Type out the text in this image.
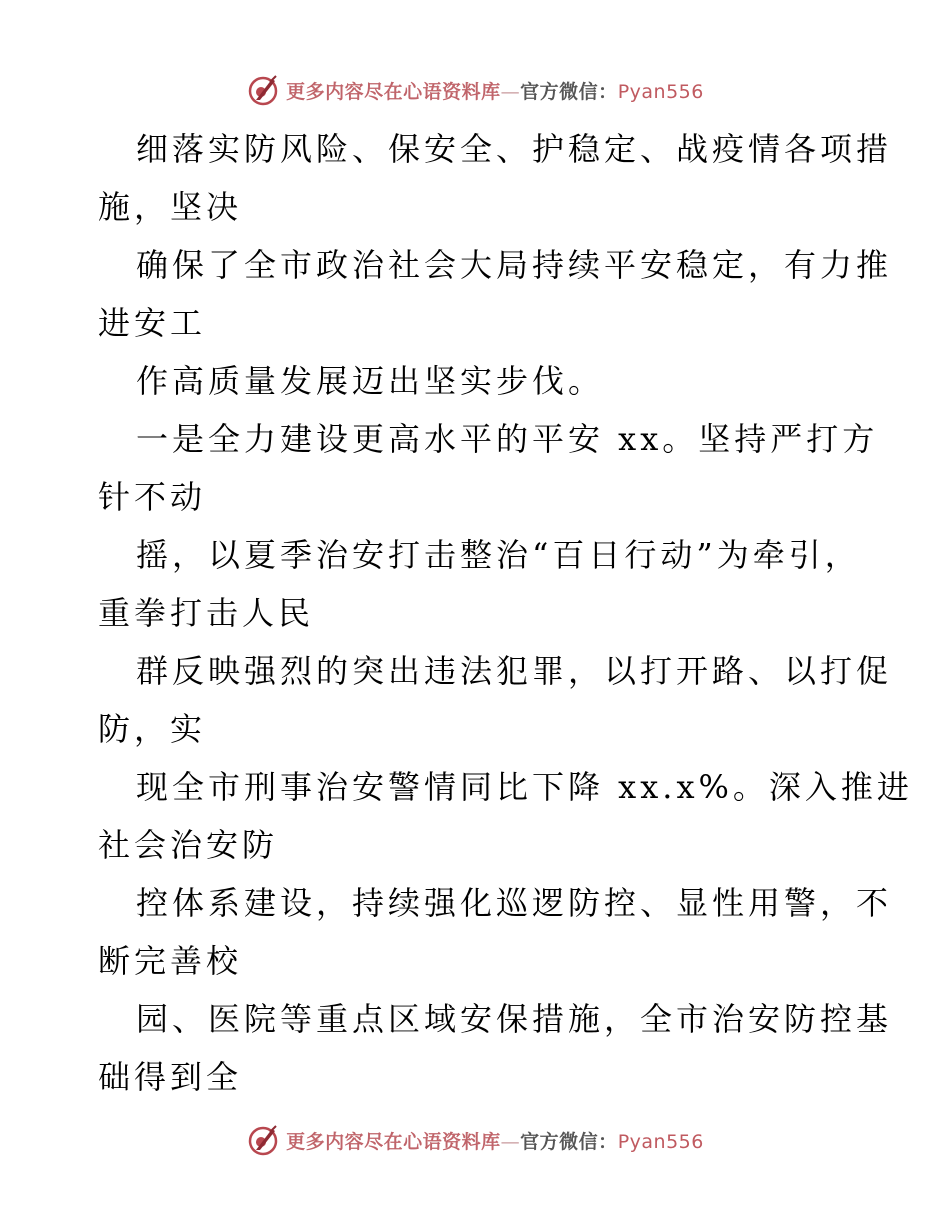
更多内容尽在心语资料库—官方微信：Pyan556
细落实防风险、保安全、护稳定、战疫情各项措
施，坚决
确保了全市政治社会大局持续平安稳定，有力推
进安工
作高质量发展迈出坚实步伐。
一是全力建设更高水平的平安 xx。坚持严打方
针不动
摇，以夏季治安打击整治“百日行动”为牵引，
重拳打击人民
群反映强烈的突出违法犯罪，以打开路、以打促
防，实
现全市刑事治安警情同比下降 xx.x%。深入推进
社会治安防
控体系建设，持续强化巡逻防控、显性用警，不
断完善校
园、医院等重点区域安保措施，全市治安防控基
础得到全
更多内容尽在心语资料库—官方微信：Pyan556
